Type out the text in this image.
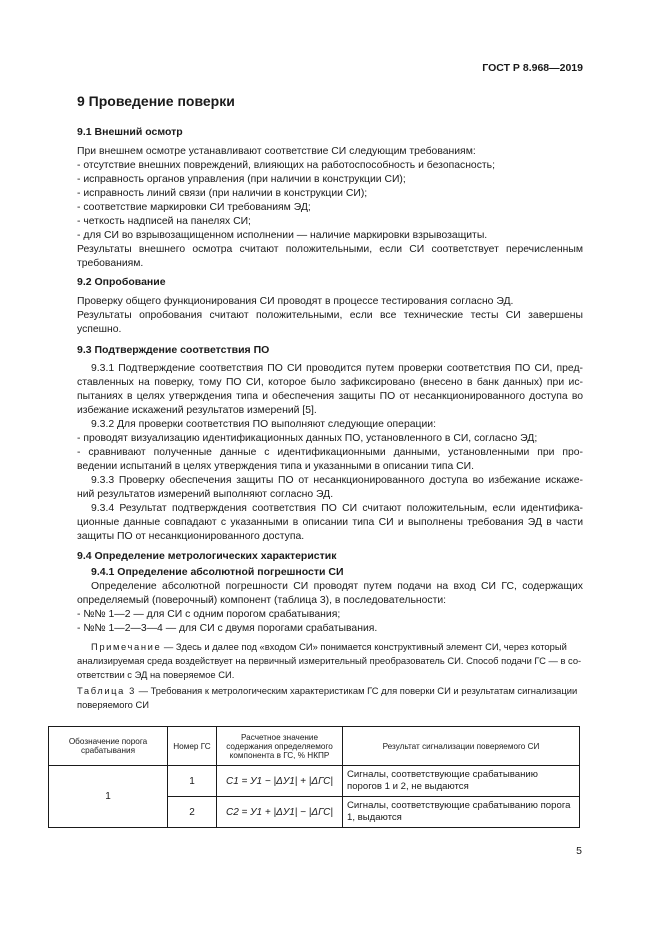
ГОСТ Р 8.968—2019
9 Проведение поверки
9.1 Внешний осмотр
При внешнем осмотре устанавливают соответствие СИ следующим требованиям:
- отсутствие внешних повреждений, влияющих на работоспособность и безопасность;
- исправность органов управления (при наличии в конструкции СИ);
- исправность линий связи (при наличии в конструкции СИ);
- соответствие маркировки СИ требованиям ЭД;
- четкость надписей на панелях СИ;
- для СИ во взрывозащищенном исполнении — наличие маркировки взрывозащиты.
Результаты внешнего осмотра считают положительными, если СИ соответствует перечисленным
требованиям.
9.2 Опробование
Проверку общего функционирования СИ проводят в процессе тестирования согласно ЭД.
Результаты опробования считают положительными, если все технические тесты СИ завершены
успешно.
9.3 Подтверждение соответствия ПО
9.3.1 Подтверждение соответствия ПО СИ проводится путем проверки соответствия ПО СИ, пред-
ставленных на поверку, тому ПО СИ, которое было зафиксировано (внесено в банк данных) при ис-
пытаниях в целях утверждения типа и обеспечения защиты ПО от несанкционированного доступа во
избежание искажений результатов измерений [5].
9.3.2 Для проверки соответствия ПО выполняют следующие операции:
- проводят визуализацию идентификационных данных ПО, установленного в СИ, согласно ЭД;
- сравнивают полученные данные с идентификационными данными, установленными при про-
ведении испытаний в целях утверждения типа и указанными в описании типа СИ.
9.3.3 Проверку обеспечения защиты ПО от несанкционированного доступа во избежание искаже-
ний результатов измерений выполняют согласно ЭД.
9.3.4 Результат подтверждения соответствия ПО СИ считают положительным, если идентифика-
ционные данные совпадают с указанными в описании типа СИ и выполнены требования ЭД в части
защиты ПО от несанкционированного доступа.
9.4 Определение метрологических характеристик
9.4.1 Определение абсолютной погрешности СИ
Определение абсолютной погрешности СИ проводят путем подачи на вход СИ ГС, содержащих
определяемый (поверочный) компонент (таблица 3), в последовательности:
- №№ 1—2 — для СИ с одним порогом срабатывания;
- №№ 1—2—3—4 — для СИ с двумя порогами срабатывания.
Примечание — Здесь и далее под «входом СИ» понимается конструктивный элемент СИ, через который
анализируемая среда воздействует на первичный измерительный преобразователь СИ. Способ подачи ГС — в со-
ответствии с ЭД на поверяемое СИ.
Таблица 3 — Требования к метрологическим характеристикам ГС для поверки СИ и результатам сигнализации
поверяемого СИ
Обозначение порога срабатывания	Номер ГС	Расчетное значение содержания определяемого компонента в ГС, % НКПР	Результат сигнализации поверяемого СИ
1	1	C1 = У1 − |ΔУ1| + |ΔГС|	Сигналы, соответствующие срабатыванию порогов 1 и 2, не выдаются
	2	C2 = У1 + |ΔУ1| − |ΔГС|	Сигналы, соответствующие срабатыванию порога 1, выдаются
5
